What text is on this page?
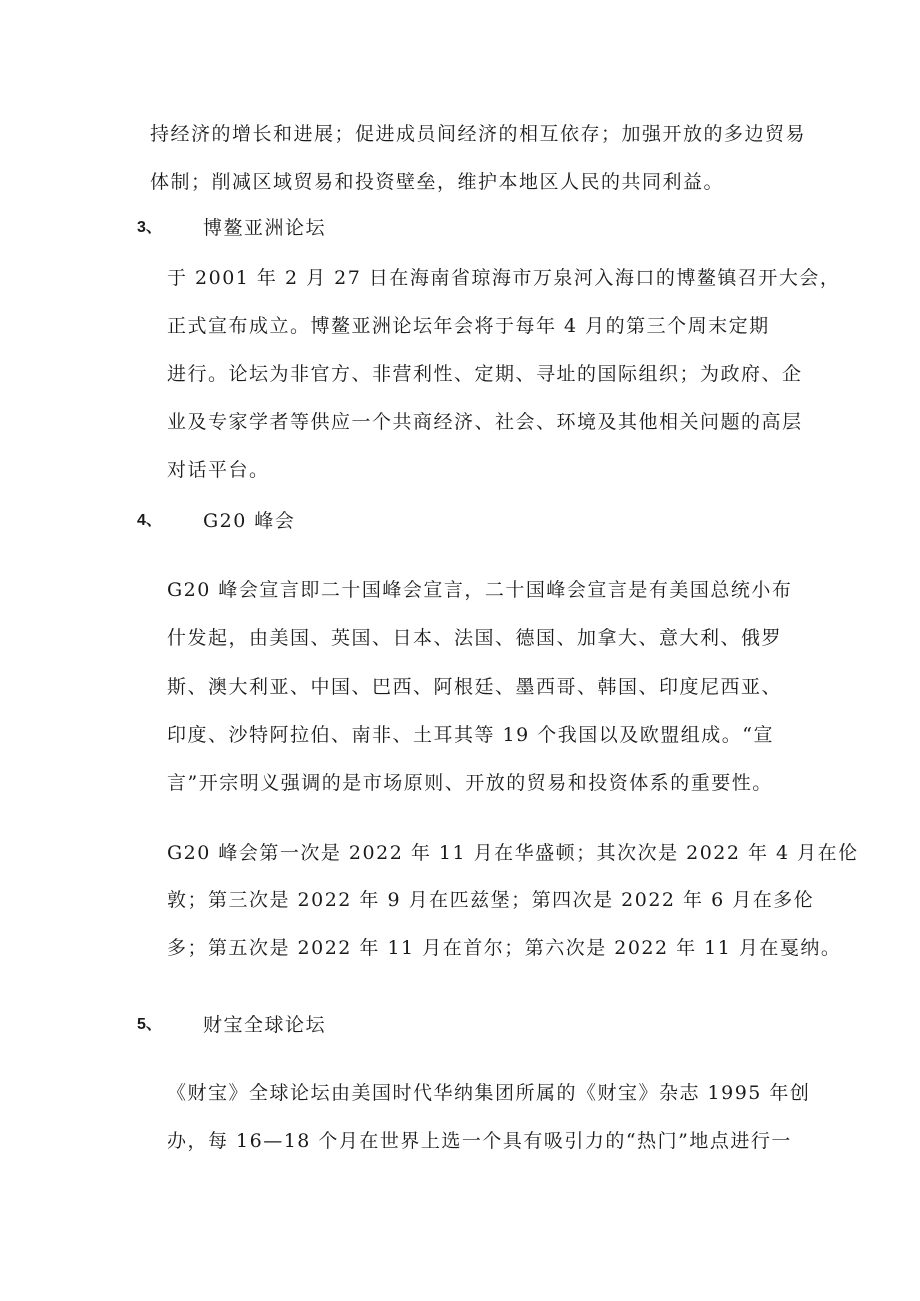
持经济的增长和进展；促进成员间经济的相互依存；加强开放的多边贸易
体制；削减区域贸易和投资壁垒，维护本地区人民的共同利益。
3、 博鳌亚洲论坛
于 2001 年 2 月 27 日在海南省琼海市万泉河入海口的博鳌镇召开大会，
正式宣布成立。博鳌亚洲论坛年会将于每年 4 月的第三个周末定期
进行。论坛为非官方、非营利性、定期、寻址的国际组织；为政府、企
业及专家学者等供应一个共商经济、社会、环境及其他相关问题的高层
对话平台。
4、 G20 峰会
G20 峰会宣言即二十国峰会宣言，二十国峰会宣言是有美国总统小布
什发起，由美国、英国、日本、法国、德国、加拿大、意大利、俄罗
斯、澳大利亚、中国、巴西、阿根廷、墨西哥、韩国、印度尼西亚、
印度、沙特阿拉伯、南非、土耳其等 19 个我国以及欧盟组成。“宣
言”开宗明义强调的是市场原则、开放的贸易和投资体系的重要性。
G20 峰会第一次是 2022 年 11 月在华盛顿；其次次是 2022 年 4 月在伦
敦；第三次是 2022 年 9 月在匹兹堡；第四次是 2022 年 6 月在多伦
多；第五次是 2022 年 11 月在首尔；第六次是 2022 年 11 月在戛纳。
5、 财宝全球论坛
《财宝》全球论坛由美国时代华纳集团所属的《财宝》杂志 1995 年创
办，每 16—18 个月在世界上选一个具有吸引力的“热门”地点进行一
